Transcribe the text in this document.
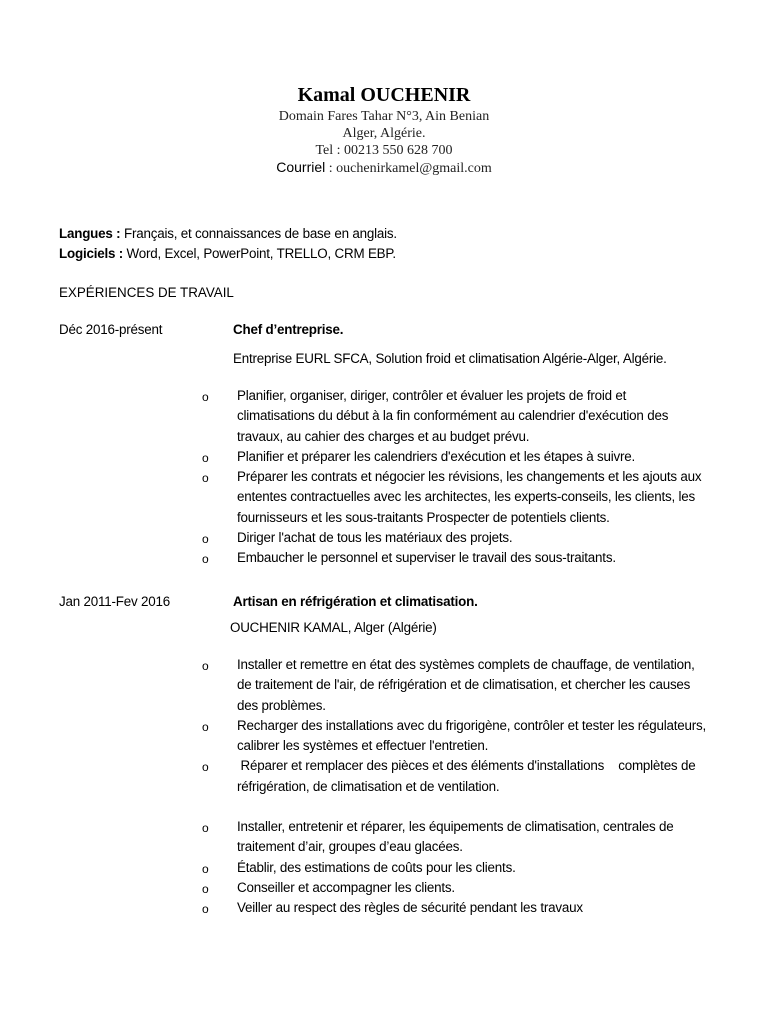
Kamal OUCHENIR
Domain Fares Tahar N°3, Ain Benian
Alger, Algérie.
Tel : 00213 550 628 700
Courriel : ouchenirkamel@gmail.com
Langues : Français, et connaissances de base en anglais.
Logiciels : Word, Excel, PowerPoint, TRELLO, CRM EBP.
EXPÉRIENCES DE TRAVAIL
Déc 2016-présent	Chef d’entreprise.
Entreprise EURL SFCA, Solution froid et climatisation Algérie-Alger, Algérie.
o Planifier, organiser, diriger, contrôler et évaluer les projets de froid et
climatisations du début à la fin conformément au calendrier d'exécution des
travaux, au cahier des charges et au budget prévu.
o Planifier et préparer les calendriers d'exécution et les étapes à suivre.
o Préparer les contrats et négocier les révisions, les changements et les ajouts aux
ententes contractuelles avec les architectes, les experts-conseils, les clients, les
fournisseurs et les sous-traitants Prospecter de potentiels clients.
o Diriger l'achat de tous les matériaux des projets.
o Embaucher le personnel et superviser le travail des sous-traitants.
Jan 2011-Fev 2016	Artisan en réfrigération et climatisation.
OUCHENIR KAMAL, Alger (Algérie)
o Installer et remettre en état des systèmes complets de chauffage, de ventilation,
de traitement de l'air, de réfrigération et de climatisation, et chercher les causes
des problèmes.
o Recharger des installations avec du frigorigène, contrôler et tester les régulateurs,
calibrer les systèmes et effectuer l'entretien.
o Réparer et remplacer des pièces et des éléments d'installations    complètes de
réfrigération, de climatisation et de ventilation.
o Installer, entretenir et réparer, les équipements de climatisation, centrales de
traitement d’air, groupes d’eau glacées.
o Établir, des estimations de coûts pour les clients.
o Conseiller et accompagner les clients.
o Veiller au respect des règles de sécurité pendant les travaux
